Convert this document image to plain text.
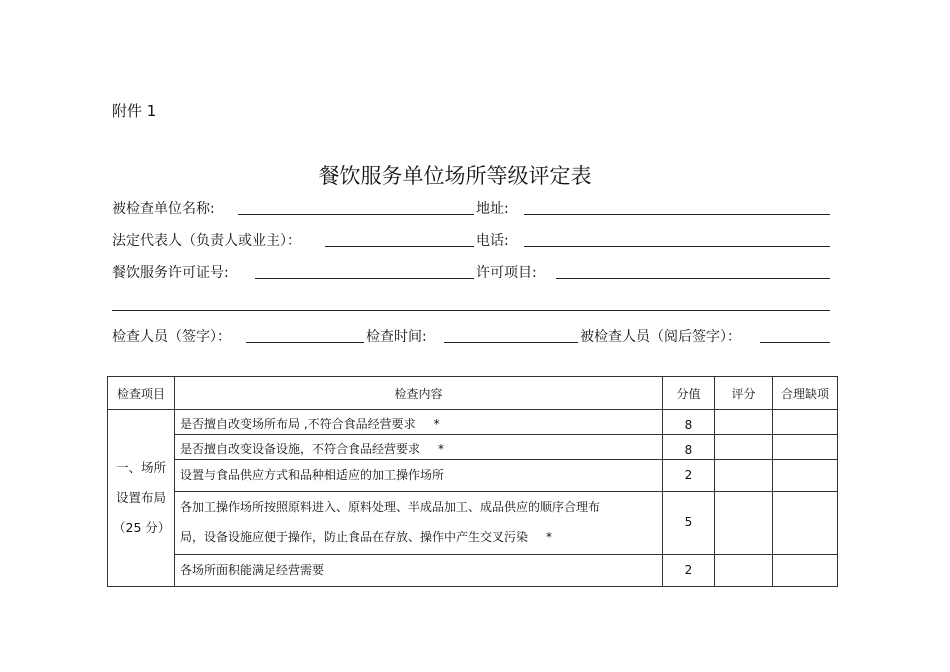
附件 1
餐饮服务单位场所等级评定表
被检查单位名称:	地址:
法定代表人（负责人或业主）：	电话:
餐饮服务许可证号:	许可项目:
检查人员（签字）：	检查时间:	被检查人员（阅后签字）：
检查项目	检查内容	分值	评分	合理缺项

一、场所
设置布局
（25 分）	是否擅自改变场所布局 ,不符合食品经营要求 *	8		
	是否擅自改变设备设施，不符合食品经营要求 *	8		
	设置与食品供应方式和品种相适应的加工操作场所	2		

	各加工操作场所按照原料进入、原料处理、半成品加工、成品供应的顺序合理布
局，设备设施应便于操作，防止食品在存放、操作中产生交叉污染 *	5		
	各场所面积能满足经营需要	2		
